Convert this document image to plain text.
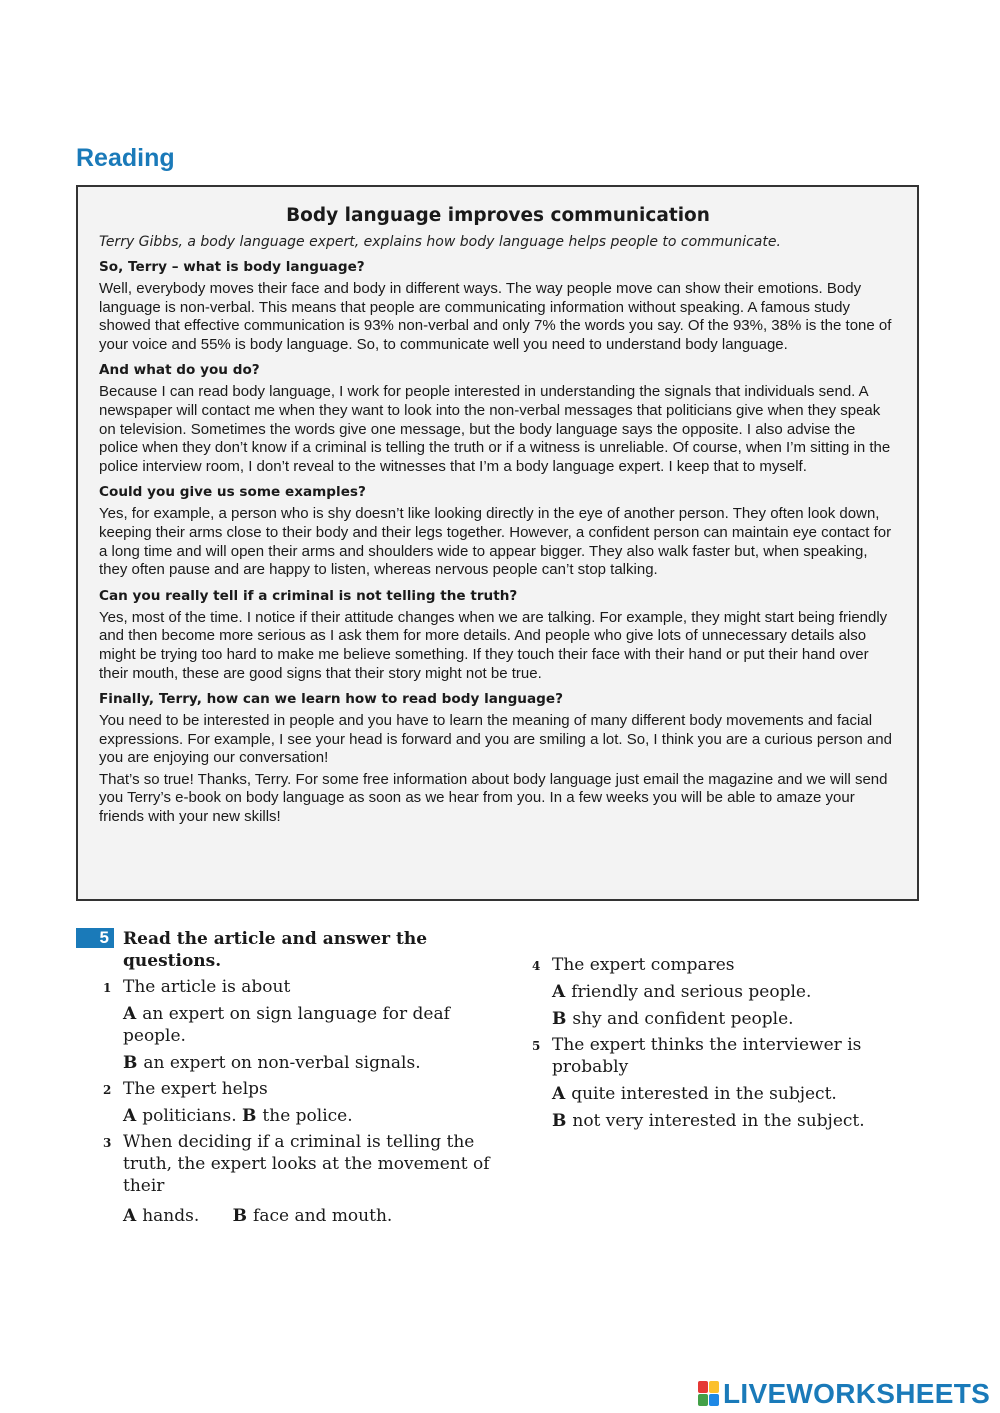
Reading
Body language improves communication
Terry Gibbs, a body language expert, explains how body language helps people to communicate.
So, Terry – what is body language?
Well, everybody moves their face and body in different ways. The way people move can show their emotions. Body language is non-verbal. This means that people are communicating information without speaking. A famous study showed that effective communication is 93% non-verbal and only 7% the words you say. Of the 93%, 38% is the tone of your voice and 55% is body language. So, to communicate well you need to understand body language.
And what do you do?
Because I can read body language, I work for people interested in understanding the signals that individuals send. A newspaper will contact me when they want to look into the non-verbal messages that politicians give when they speak on television. Sometimes the words give one message, but the body language says the opposite. I also advise the police when they don’t know if a criminal is telling the truth or if a witness is unreliable. Of course, when I’m sitting in the police interview room, I don’t reveal to the witnesses that I’m a body language expert. I keep that to myself.
Could you give us some examples?
Yes, for example, a person who is shy doesn’t like looking directly in the eye of another person. They often look down, keeping their arms close to their body and their legs together. However, a confident person can maintain eye contact for a long time and will open their arms and shoulders wide to appear bigger. They also walk faster but, when speaking, they often pause and are happy to listen, whereas nervous people can’t stop talking.
Can you really tell if a criminal is not telling the truth?
Yes, most of the time. I notice if their attitude changes when we are talking. For example, they might start being friendly and then become more serious as I ask them for more details. And people who give lots of unnecessary details also might be trying too hard to make me believe something. If they touch their face with their hand or put their hand over their mouth, these are good signs that their story might not be true.
Finally, Terry, how can we learn how to read body language?
You need to be interested in people and you have to learn the meaning of many different body movements and facial expressions. For example, I see your head is forward and you are smiling a lot. So, I think you are a curious person and you are enjoying our conversation!
That’s so true! Thanks, Terry. For some free information about body language just email the magazine and we will send you Terry’s e-book on body language as soon as we hear from you. In a few weeks you will be able to amaze your friends with your new skills!
5 Read the article and answer the questions.
1 The article is about
A an expert on sign language for deaf people.
B an expert on non-verbal signals.
2 The expert helps
A politicians. B the police.
3 When deciding if a criminal is telling the truth, the expert looks at the movement of their
A hands. B face and mouth.
4 The expert compares
A friendly and serious people.
B shy and confident people.
5 The expert thinks the interviewer is probably
A quite interested in the subject.
B not very interested in the subject.
LIVEWORKSHEETS
